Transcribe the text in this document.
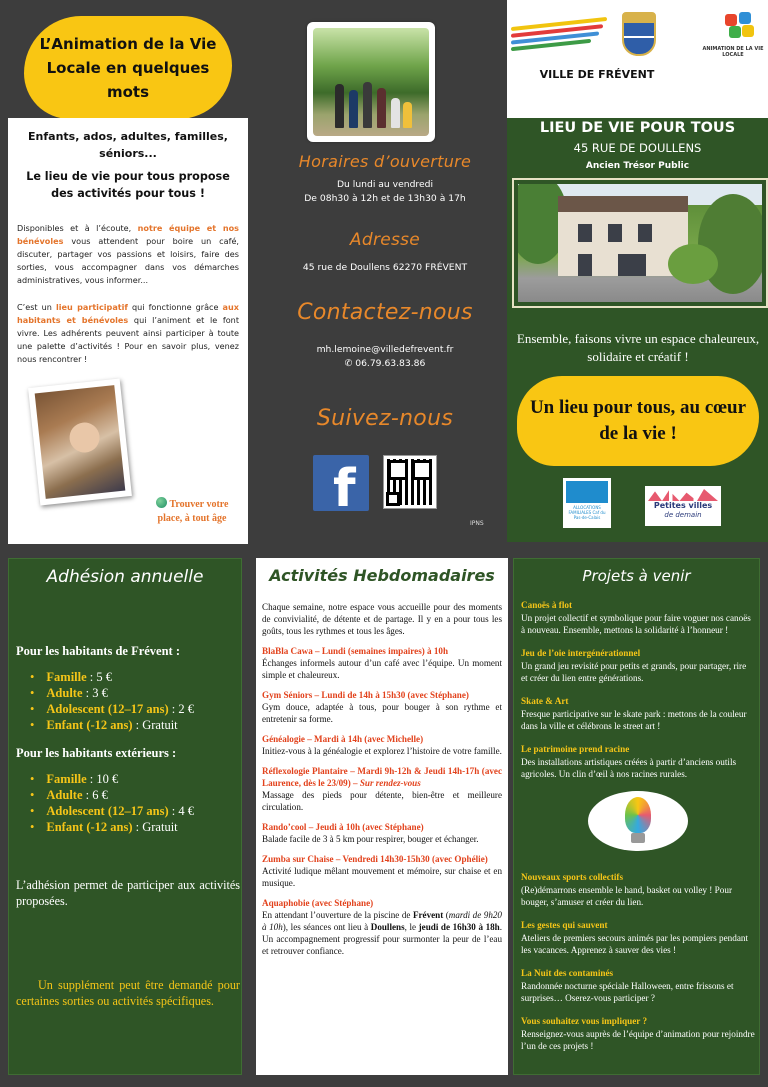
L’Animation de la Vie Locale en quelques mots
Enfants, ados, adultes, familles, séniors...
Le lieu de vie pour tous propose des activités pour tous !

Disponibles et à l’écoute, notre équipe et nos bénévoles vous attendent pour boire un café, discuter, partager vos passions et loisirs, faire des sorties, vous accompagner dans vos démarches administratives, vous informer...

C’est un lieu participatif qui fonctionne grâce aux habitants et bénévoles qui l’animent et le font vivre. Les adhérents peuvent ainsi participer à toute une palette d’activités ! Pour en savoir plus, venez nous rencontrer !

Trouver votre place, à tout âge
Horaires d’ouverture
Du lundi au vendredi
De 08h30 à 12h et de 13h30 à 17h
Adresse
45 rue de Doullens 62270 FRÉVENT
Contactez-nous
mh.lemoine@villedefrevent.fr
✆ 06.79.63.83.86
Suivez-nous
f
IPNS
ANIMATION DE LA VIE LOCALE
VILLE DE FRÉVENT
LIEU DE VIE POUR TOUS
45 RUE DE DOULLENS
Ancien Trésor Public
Ensemble, faisons vivre un espace chaleureux, solidaire et créatif !
Un lieu pour tous, au cœur de la vie !
ALLOCATIONS FAMILIALES Caf du Pas-de-Calais
Petites villes
de demain
Adhésion annuelle
Pour les habitants de Frévent :
• Famille : 5 €
• Adulte : 3 €
• Adolescent (12–17 ans) : 2 €
• Enfant (-12 ans) : Gratuit
Pour les habitants extérieurs :
• Famille : 10 €
• Adulte : 6 €
• Adolescent (12–17 ans) : 4 €
• Enfant (-12 ans) : Gratuit
L’adhésion permet de participer aux activités proposées.
Un supplément peut être demandé pour certaines sorties ou activités spécifiques.
Activités Hebdomadaires
Chaque semaine, notre espace vous accueille pour des moments de convivialité, de détente et de partage. Il y en a pour tous les goûts, tous les rythmes et tous les âges.
BlaBla Cawa – Lundi (semaines impaires) à 10h
Échanges informels autour d’un café avec l’équipe. Un moment simple et chaleureux.
Gym Séniors – Lundi de 14h à 15h30 (avec Stéphane)
Gym douce, adaptée à tous, pour bouger à son rythme et entretenir sa forme.
Généalogie – Mardi à 14h (avec Michelle)
Initiez-vous à la généalogie et explorez l’histoire de votre famille.
Réflexologie Plantaire – Mardi 9h-12h & Jeudi 14h-17h (avec Laurence, dès le 23/09) – Sur rendez-vous
Massage des pieds pour détente, bien-être et meilleure circulation.
Rando’cool – Jeudi à 10h (avec Stéphane)
Balade facile de 3 à 5 km pour respirer, bouger et échanger.
Zumba sur Chaise – Vendredi 14h30-15h30 (avec Ophélie)
Activité ludique mêlant mouvement et mémoire, sur chaise et en musique.
Aquaphobie (avec Stéphane)
En attendant l’ouverture de la piscine de Frévent (mardi de 9h20 à 10h), les séances ont lieu à Doullens, le jeudi de 16h30 à 18h. Un accompagnement progressif pour surmonter la peur de l’eau et retrouver confiance.
Projets à venir
Canoës à flot
Un projet collectif et symbolique pour faire voguer nos canoës à nouveau. Ensemble, mettons la solidarité à l’honneur !
Jeu de l’oie intergénérationnel
Un grand jeu revisité pour petits et grands, pour partager, rire et créer du lien entre générations.
Skate & Art
Fresque participative sur le skate park : mettons de la couleur dans la ville et célébrons le street art !
Le patrimoine prend racine
Des installations artistiques créées à partir d’anciens outils agricoles. Un clin d’œil à nos racines rurales.
Nouveaux sports collectifs
(Re)démarrons ensemble le hand, basket ou volley ! Pour bouger, s’amuser et créer du lien.
Les gestes qui sauvent
Ateliers de premiers secours animés par les pompiers pendant les vacances. Apprenez à sauver des vies !
La Nuit des contaminés
Randonnée nocturne spéciale Halloween, entre frissons et surprises… Oserez-vous participer ?
Vous souhaitez vous impliquer ?
Renseignez-vous auprès de l’équipe d’animation pour rejoindre l’un de ces projets !
